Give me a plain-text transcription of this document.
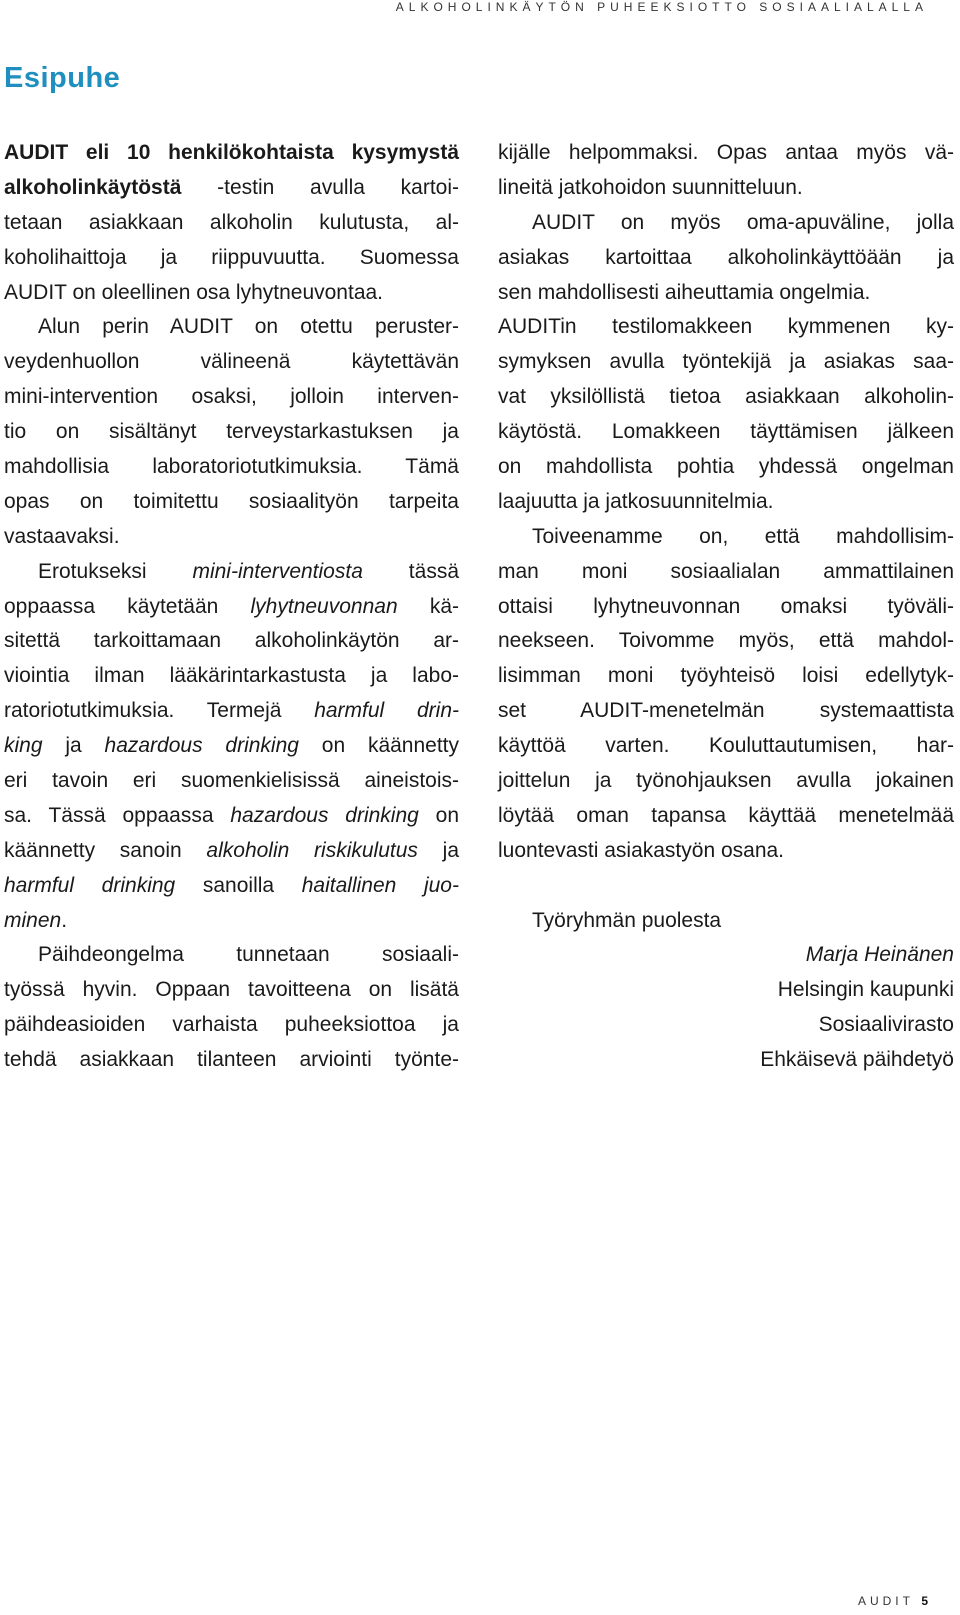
ALKOHOLINKÄYTÖN PUHEEKSIOTTO SOSIAALIALALLA
Esipuhe
AUDIT eli 10 henkilökohtaista kysymystä
alkoholinkäytöstä -testin avulla kartoi-
tetaan asiakkaan alkoholin kulutusta, al-
koholihaittoja ja riippuvuutta. Suomessa
AUDIT on oleellinen osa lyhytneuvontaa.
Alun perin AUDIT on otettu peruster-
veydenhuollon välineenä käytettävän
mini-intervention osaksi, jolloin interven-
tio on sisältänyt terveystarkastuksen ja
mahdollisia laboratoriotutkimuksia. Tämä
opas on toimitettu sosiaalityön tarpeita
vastaavaksi.
Erotukseksi mini-interventiosta tässä
oppaassa käytetään lyhytneuvonnan kä-
sitettä tarkoittamaan alkoholinkäytön ar-
viointia ilman lääkärintarkastusta ja labo-
ratoriotutkimuksia. Termejä harmful drin-
king ja hazardous drinking on käännetty
eri tavoin eri suomenkielisissä aineistois-
sa. Tässä oppaassa hazardous drinking on
käännetty sanoin alkoholin riskikulutus ja
harmful drinking sanoilla haitallinen juo-
minen.
Päihdeongelma tunnetaan sosiaali-
työssä hyvin. Oppaan tavoitteena on lisätä
päihdeasioiden varhaista puheeksiottoa ja
tehdä asiakkaan tilanteen arviointi työnte-
kijälle helpommaksi. Opas antaa myös vä-
lineitä jatkohoidon suunnitteluun.
AUDIT on myös oma-apuväline, jolla
asiakas kartoittaa alkoholinkäyttöään ja
sen mahdollisesti aiheuttamia ongelmia.
AUDITin testilomakkeen kymmenen ky-
symyksen avulla työntekijä ja asiakas saa-
vat yksilöllistä tietoa asiakkaan alkoholin-
käytöstä. Lomakkeen täyttämisen jälkeen
on mahdollista pohtia yhdessä ongelman
laajuutta ja jatkosuunnitelmia.
Toiveenamme on, että mahdollisim-
man moni sosiaalialan ammattilainen
ottaisi lyhytneuvonnan omaksi työväli-
neekseen. Toivomme myös, että mahdol-
lisimman moni työyhteisö loisi edellytyk-
set AUDIT-menetelmän systemaattista
käyttöä varten. Kouluttautumisen, har-
joittelun ja työnohjauksen avulla jokainen
löytää oman tapansa käyttää menetelmää
luontevasti asiakastyön osana.
Työryhmän puolesta
Marja Heinänen
Helsingin kaupunki
Sosiaalivirasto
Ehkäisevä päihdetyö
AUDIT 5
